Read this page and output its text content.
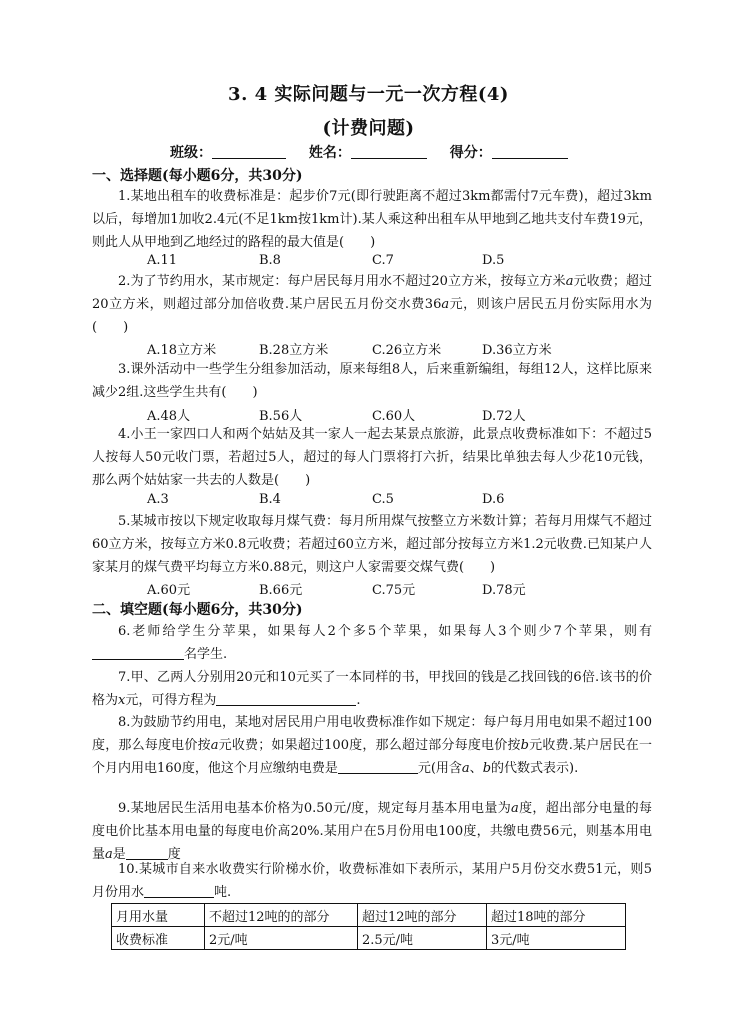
3. 4 实际问题与一元一次方程(4)
(计费问题)
班级：	姓名：	得分：
一、选择题(每小题6分，共30分)
1.某地出租车的收费标准是：起步价7元(即行驶距离不超过3km都需付7元车费)，超过3km以后，每增加1加收2.4元(不足1km按1km计).某人乘这种出租车从甲地到乙地共支付车费19元，则此人从甲地到乙地经过的路程的最大值是(　　)
A.11	B.8	C.7	D.5
2.为了节约用水，某市规定：每户居民每月用水不超过20立方米，按每立方米a元收费；超过20立方米，则超过部分加倍收费.某户居民五月份交水费36a元，则该户居民五月份实际用水为(　　)
A.18立方米	B.28立方米	C.26立方米	D.36立方米
3.课外活动中一些学生分组参加活动，原来每组8人，后来重新编组，每组12人，这样比原来减少2组.这些学生共有(　　)
A.48人	B.56人	C.60人	D.72人
4.小王一家四口人和两个姑姑及其一家人一起去某景点旅游，此景点收费标准如下：不超过5人按每人50元收门票，若超过5人，超过的每人门票将打六折，结果比单独去每人少花10元钱，那么两个姑姑家一共去的人数是(　　)
A.3	B.4	C.5	D.6
5.某城市按以下规定收取每月煤气费：每月所用煤气按整立方米数计算；若每月用煤气不超过60立方米，按每立方米0.8元收费；若超过60立方米，超过部分按每立方米1.2元收费.已知某户人家某月的煤气费平均每立方米0.88元，则这户人家需要交煤气费(　　)
A.60元	B.66元	C.75元	D.78元
二、填空题(每小题6分，共30分)
6.老师给学生分苹果，如果每人2个多5个苹果，如果每人3个则少7个苹果，则有名学生.
7.甲、乙两人分别用20元和10元买了一本同样的书，甲找回的钱是乙找回钱的6倍.该书的价格为x元，可得方程为	.
8.为鼓励节约用电，某地对居民用户用电收费标准作如下规定：每户每月用电如果不超过100度，那么每度电价按a元收费；如果超过100度，那么超过部分每度电价按b元收费.某户居民在一个月内用电160度，他这个月应缴纳电费是	元(用含a、b的代数式表示).
9.某地居民生活用电基本价格为0.50元/度，规定每月基本用电量为a度，超出部分电量的每度电价比基本用电量的每度电价高20%.某用户在5月份用电100度，共缴电费56元，则基本用电量a是	度
10.某城市自来水收费实行阶梯水价，收费标准如下表所示，某用户5月份交水费51元，则5月份用水	吨.
月用水量	不超过12吨的的部分	超过12吨的部分	超过18吨的部分
收费标准	2元/吨	2.5元/吨	3元/吨
